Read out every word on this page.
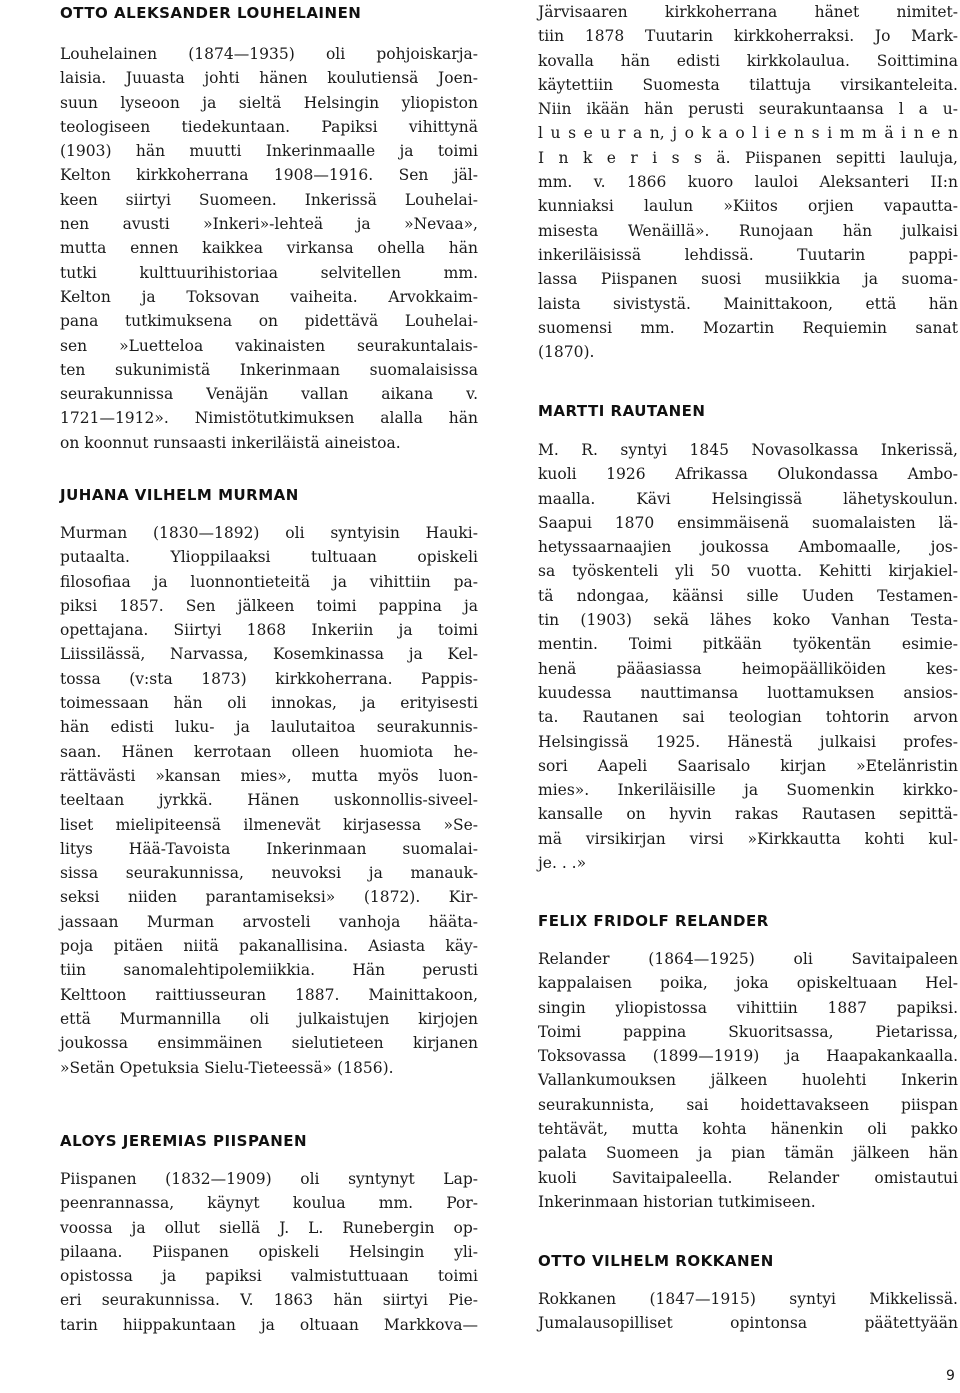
OTTO ALEKSANDER LOUHELAINEN
Louhelainen (1874—1935) oli pohjoiskarja-
laisia. Juuasta johti hänen koulutiensä Joen-
suun lyseoon ja sieltä Helsingin yliopiston
teologiseen tiedekuntaan. Papiksi vihittynä
(1903) hän muutti Inkerinmaalle ja toimi
Kelton kirkkoherrana 1908—1916. Sen jäl-
keen siirtyi Suomeen. Inkerissä Louhelai-
nen avusti »Inkeri»-lehteä ja »Nevaa»,
mutta ennen kaikkea virkansa ohella hän
tutki kulttuurihistoriaa selvitellen mm.
Kelton ja Toksovan vaiheita. Arvokkaim-
pana tutkimuksena on pidettävä Louhelai-
sen »Luetteloa vakinaisten seurakuntalais-
ten sukunimistä Inkerinmaan suomalaisissa
seurakunnissa Venäjän vallan aikana v.
1721—1912». Nimistötutkimuksen alalla hän
on koonnut runsaasti inkeriläistä aineistoa.
JUHANA VILHELM MURMAN
Murman (1830—1892) oli syntyisin Hauki-
putaalta. Ylioppilaaksi tultuaan opiskeli
filosofiaa ja luonnontieteitä ja vihittiin pa-
piksi 1857. Sen jälkeen toimi pappina ja
opettajana. Siirtyi 1868 Inkeriin ja toimi
Liissilässä, Narvassa, Kosemkinassa ja Kel-
tossa (v:sta 1873) kirkkoherrana. Pappis-
toimessaan hän oli innokas, ja erityisesti
hän edisti luku- ja laulutaitoa seurakunnis-
saan. Hänen kerrotaan olleen huomiota he-
rättävästi »kansan mies», mutta myös luon-
teeltaan jyrkkä. Hänen uskonnollis-siveel-
liset mielipiteensä ilmenevät kirjasessa »Se-
litys Hää-Tavoista Inkerinmaan suomalai-
sissa seurakunnissa, neuvoksi ja manauk-
seksi niiden parantamiseksi» (1872). Kir-
jassaan Murman arvosteli vanhoja häätа-
poja pitäen niitä pakanallisina. Asiasta käy-
tiin sanomalehtipolemiikkia. Hän perusti
Kelttoon raittiusseuran 1887. Mainittakoon,
että Murmannilla oli julkaistujen kirjojen
joukossa ensimmäinen sielutieteen kirjanen
»Setän Opetuksia Sielu-Tieteessä» (1856).
ALOYS JEREMIAS PIISPANEN
Piispanen (1832—1909) oli syntynyt Lap-
peenrannassa, käynyt koulua mm. Por-
voossa ja ollut siellä J. L. Runebergin op-
pilaana. Piispanen opiskeli Helsingin yli-
opistossa ja papiksi valmistuttuaan toimi
eri seurakunnissa. V. 1863 hän siirtyi Pie-
tarin hiippakuntaan ja oltuaan Markkova—
Järvisaaren kirkkoherrana hänet nimitet-
tiin 1878 Tuutarin kirkkoherraksi. Jo Mark-
kovalla hän edisti kirkkolaulua. Soittimina
käytettiin Suomesta tilattuja virsikanteleita.
Niin ikään hän perusti seurakuntaansa l a u-
l u s e u r a n, j o k a o l i e n s i m m ä i n e n
I n k e r i s s ä. Piispanen sepitti lauluja,
mm. v. 1866 kuoro lauloi Aleksanteri II:n
kunniaksi laulun »Kiitos orjien vapautta-
misesta Wenäillä». Runojaan hän julkaisi
inkeriläisissä lehdissä. Tuutarin pappi-
lassa Piispanen suosi musiikkia ja suoma-
laista sivistystä. Mainittakoon, että hän
suomensi mm. Mozartin Requiemin sanat
(1870).
MARTTI RAUTANEN
M. R. syntyi 1845 Novasolkassa Inkerissä,
kuoli 1926 Afrikassa Olukondassa Ambo-
maalla. Kävi Helsingissä lähetyskoulun.
Saapui 1870 ensimmäisenä suomalaisten lä-
hetyssaarnaajien joukossa Ambomaalle, jos-
sa työskenteli yli 50 vuotta. Kehitti kirjakiel-
tä ndongaa, käänsi sille Uuden Testamen-
tin (1903) sekä lähes koko Vanhan Testa-
mentin. Toimi pitkään työkentän esimie-
henä pääasiassa heimopäälliköiden kes-
kuudessa nauttimansa luottamuksen ansios-
ta. Rautanen sai teologian tohtorin arvon
Helsingissä 1925. Hänestä julkaisi profes-
sori Aapeli Saarisalo kirjan »Etelänristin
mies». Inkeriläisille ja Suomenkin kirkko-
kansalle on hyvin rakas Rautasen sepittä-
mä virsikirjan virsi »Kirkkautta kohti kul-
je. . .»
FELIX FRIDOLF RELANDER
Relander (1864—1925) oli Savitaipaleen
kappalaisen poika, joka opiskeltuaan Hel-
singin yliopistossa vihittiin 1887 papiksi.
Toimi pappina Skuoritsassa, Pietarissa,
Toksovassa (1899—1919) ja Haapakankaalla.
Vallankumouksen jälkeen huolehti Inkerin
seurakunnista, sai hoidettavakseen piispan
tehtävät, mutta kohta hänenkin oli pakko
palata Suomeen ja pian tämän jälkeen hän
kuoli Savitaipaleella. Relander omistautui
Inkerinmaan historian tutkimiseen.
OTTO VILHELM ROKKANEN
Rokkanen (1847—1915) syntyi Mikkelissä.
Jumalausopilliset opintonsa päätettyään
9
